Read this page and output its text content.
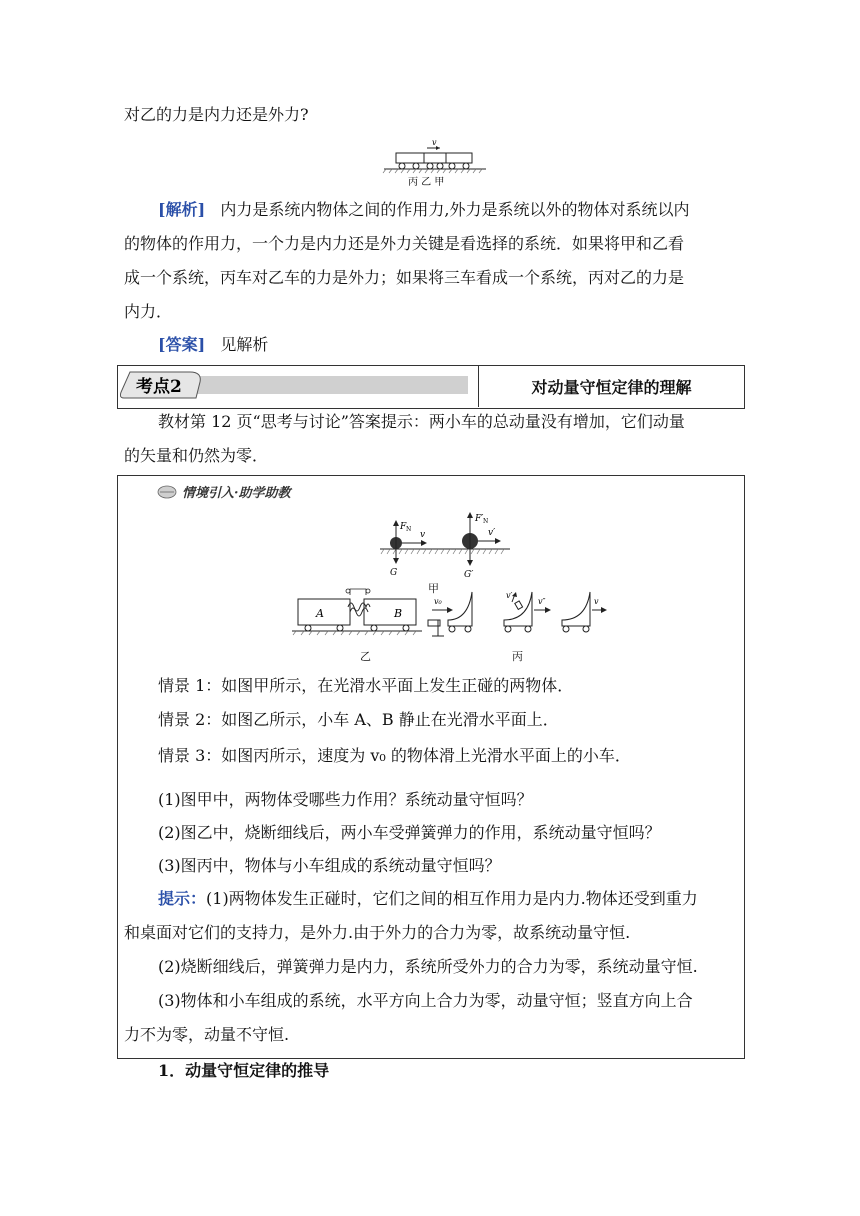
对乙的力是内力还是外力?
v
丙 乙 甲
[解析] 内力是系统内物体之间的作用力,外力是系统以外的物体对系统以内
的物体的作用力，一个力是内力还是外力关键是看选择的系统．如果将甲和乙看
成一个系统，丙车对乙车的力是外力；如果将三车看成一个系统，丙对乙的力是
内力．
[答案] 见解析
考点2	对动量守恒定律的理解
教材第 12 页“思考与讨论”答案提示：两小车的总动量没有增加，它们动量
的矢量和仍然为零．
情境引入·助学助教
F N
v
G
F′ N
v′
G′
甲
A	B
乙
v₀
v′
v″	v
丙
情景 1：如图甲所示，在光滑水平面上发生正碰的两物体．
情景 2：如图乙所示，小车 A、B 静止在光滑水平面上．
情景 3：如图丙所示，速度为 v₀ 的物体滑上光滑水平面上的小车．
(1)图甲中，两物体受哪些力作用？系统动量守恒吗？
(2)图乙中，烧断细线后，两小车受弹簧弹力的作用，系统动量守恒吗？
(3)图丙中，物体与小车组成的系统动量守恒吗？
提示：(1)两物体发生正碰时，它们之间的相互作用力是内力.物体还受到重力
和桌面对它们的支持力，是外力.由于外力的合力为零，故系统动量守恒.
(2)烧断细线后，弹簧弹力是内力，系统所受外力的合力为零，系统动量守恒.
(3)物体和小车组成的系统，水平方向上合力为零，动量守恒；竖直方向上合
力不为零，动量不守恒.
1．动量守恒定律的推导
